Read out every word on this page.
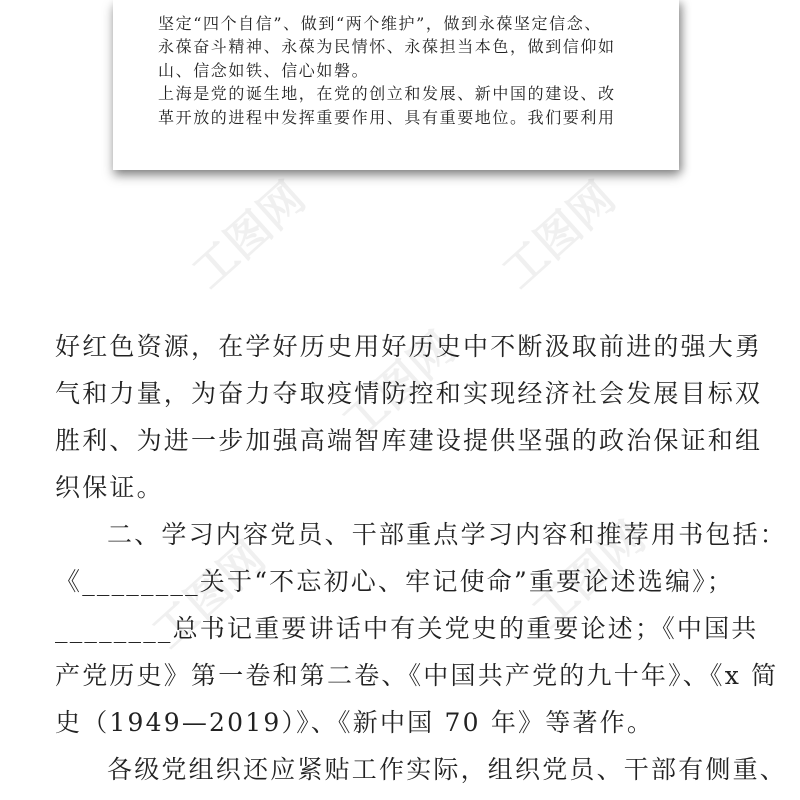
工图网	工图网
工图网
工图网	工图网
坚定“四个自信”、做到“两个维护”，做到永葆坚定信念、
永葆奋斗精神、永葆为民情怀、永葆担当本色，做到信仰如
山、信念如铁、信心如磐。
上海是党的诞生地，在党的创立和发展、新中国的建设、改
革开放的进程中发挥重要作用、具有重要地位。我们要利用
好红色资源，在学好历史用好历史中不断汲取前进的强大勇
气和力量，为奋力夺取疫情防控和实现经济社会发展目标双
胜利、为进一步加强高端智库建设提供坚强的政治保证和组
织保证。
二、学习内容党员、干部重点学习内容和推荐用书包括：
《________关于“不忘初心、牢记使命”重要论述选编》；
________总书记重要讲话中有关党史的重要论述；《中国共
产党历史》第一卷和第二卷、《中国共产党的九十年》、《x 简
史（1949—2019）》、《新中国 70 年》等著作。
各级党组织还应紧贴工作实际，组织党员、干部有侧重、
